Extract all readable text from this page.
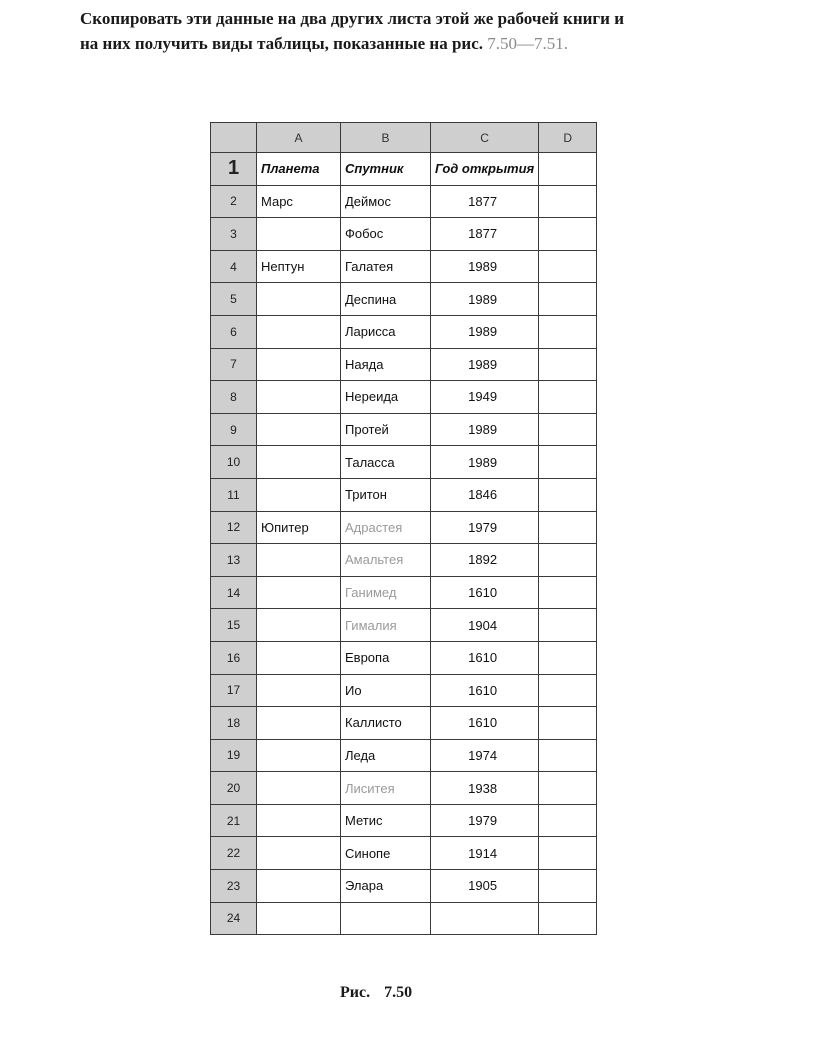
Скопировать эти данные на два других листа этой же рабочей книги и
на них получить виды таблицы, показанные на рис. 7.50—7.51.
	A	B	C	D
1	Планета	Спутник	Год открытия	
2	Марс	Деймос	1877	
3		Фобос	1877	
4	Нептун	Галатея	1989	
5		Деспина	1989	
6		Ларисса	1989	
7		Наяда	1989	
8		Нереида	1949	
9		Протей	1989	
10		Таласса	1989	
11		Тритон	1846	
12	Юпитер	Адрастея	1979	
13		Амальтея	1892	
14		Ганимед	1610	
15		Гималия	1904	
16		Европа	1610	
17		Ио	1610	
18		Каллисто	1610	
19		Леда	1974	
20		Лиситея	1938	
21		Метис	1979	
22		Синопе	1914	
23		Элара	1905	
24				
Рис. 7.50
